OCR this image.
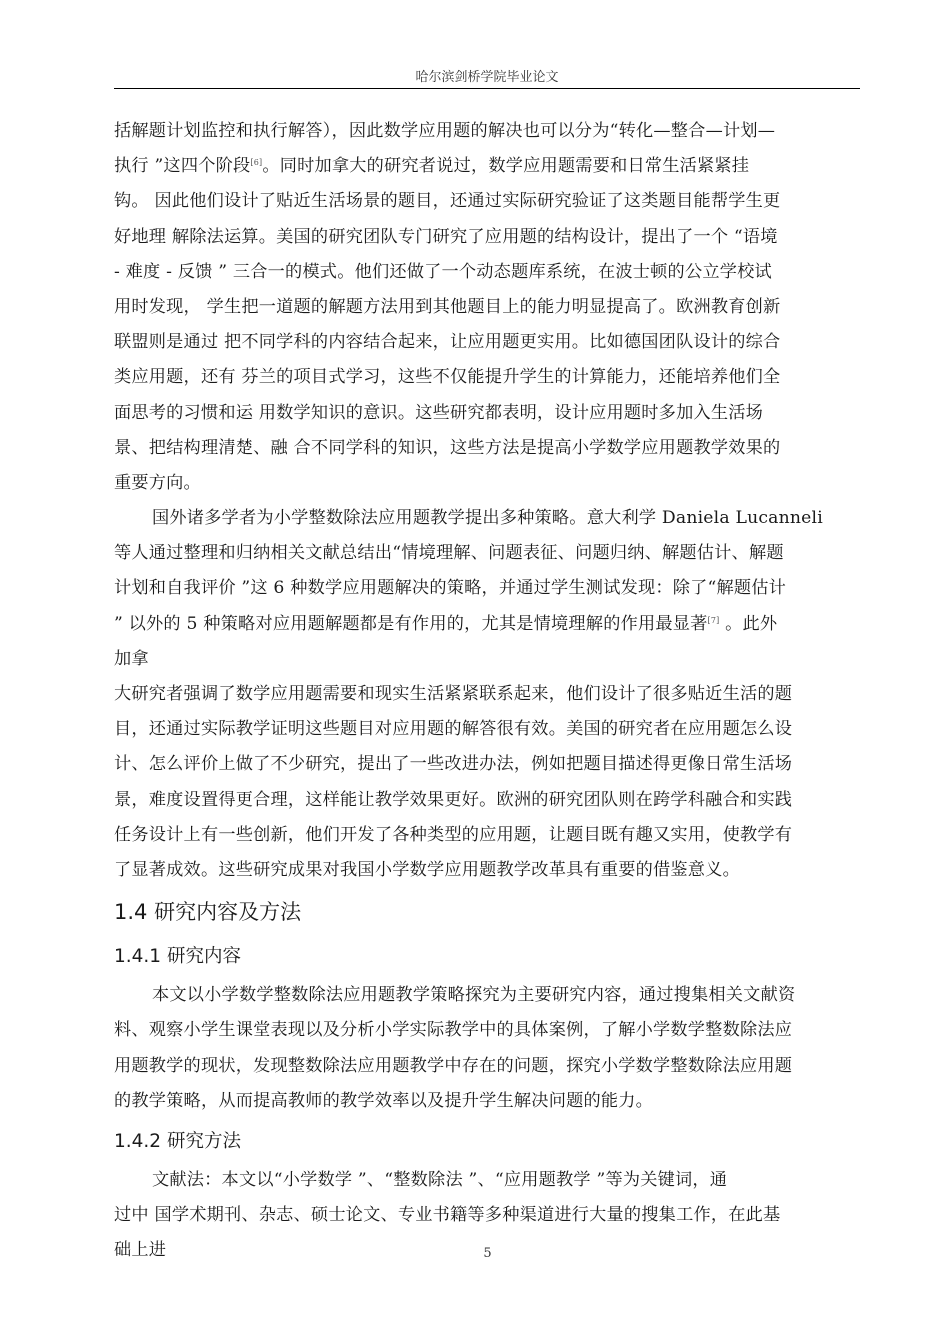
哈尔滨剑桥学院毕业论文
括解题计划监控和执行解答），因此数学应用题的解决也可以分为“转化—整合—计划—
执行 ”这四个阶段[6]。同时加拿大的研究者说过，数学应用题需要和日常生活紧紧挂
钩。 因此他们设计了贴近生活场景的题目，还通过实际研究验证了这类题目能帮学生更
好地理 解除法运算。美国的研究团队专门研究了应用题的结构设计，提出了一个 “语境
- 难度 - 反馈 ” 三合一的模式。他们还做了一个动态题库系统，在波士顿的公立学校试
用时发现， 学生把一道题的解题方法用到其他题目上的能力明显提高了。欧洲教育创新
联盟则是通过 把不同学科的内容结合起来，让应用题更实用。比如德国团队设计的综合
类应用题，还有 芬兰的项目式学习，这些不仅能提升学生的计算能力，还能培养他们全
面思考的习惯和运 用数学知识的意识。这些研究都表明，设计应用题时多加入生活场
景、把结构理清楚、融 合不同学科的知识，这些方法是提高小学数学应用题教学效果的
重要方向。
国外诸多学者为小学整数除法应用题教学提出多种策略。意大利学 Daniela Lucanneli
等人通过整理和归纳相关文献总结出“情境理解、问题表征、问题归纳、解题估计、解题
计划和自我评价 ”这 6 种数学应用题解决的策略，并通过学生测试发现：除了“解题估计
” 以外的 5 种策略对应用题解题都是有作用的，尤其是情境理解的作用最显著[7] 。此外
加拿
大研究者强调了数学应用题需要和现实生活紧紧联系起来，他们设计了很多贴近生活的题
目，还通过实际教学证明这些题目对应用题的解答很有效。美国的研究者在应用题怎么设
计、怎么评价上做了不少研究，提出了一些改进办法，例如把题目描述得更像日常生活场
景，难度设置得更合理，这样能让教学效果更好。欧洲的研究团队则在跨学科融合和实践
任务设计上有一些创新，他们开发了各种类型的应用题，让题目既有趣又实用，使教学有
了显著成效。这些研究成果对我国小学数学应用题教学改革具有重要的借鉴意义。
1.4 研究内容及方法
1.4.1 研究内容
本文以小学数学整数除法应用题教学策略探究为主要研究内容，通过搜集相关文献资
料、观察小学生课堂表现以及分析小学实际教学中的具体案例，了解小学数学整数除法应
用题教学的现状，发现整数除法应用题教学中存在的问题，探究小学数学整数除法应用题
的教学策略，从而提高教师的教学效率以及提升学生解决问题的能力。
1.4.2 研究方法
文献法：本文以“小学数学 ”、“整数除法 ”、“应用题教学 ”等为关键词，通
过中 国学术期刊、杂志、硕士论文、专业书籍等多种渠道进行大量的搜集工作，在此基
础上进	5
